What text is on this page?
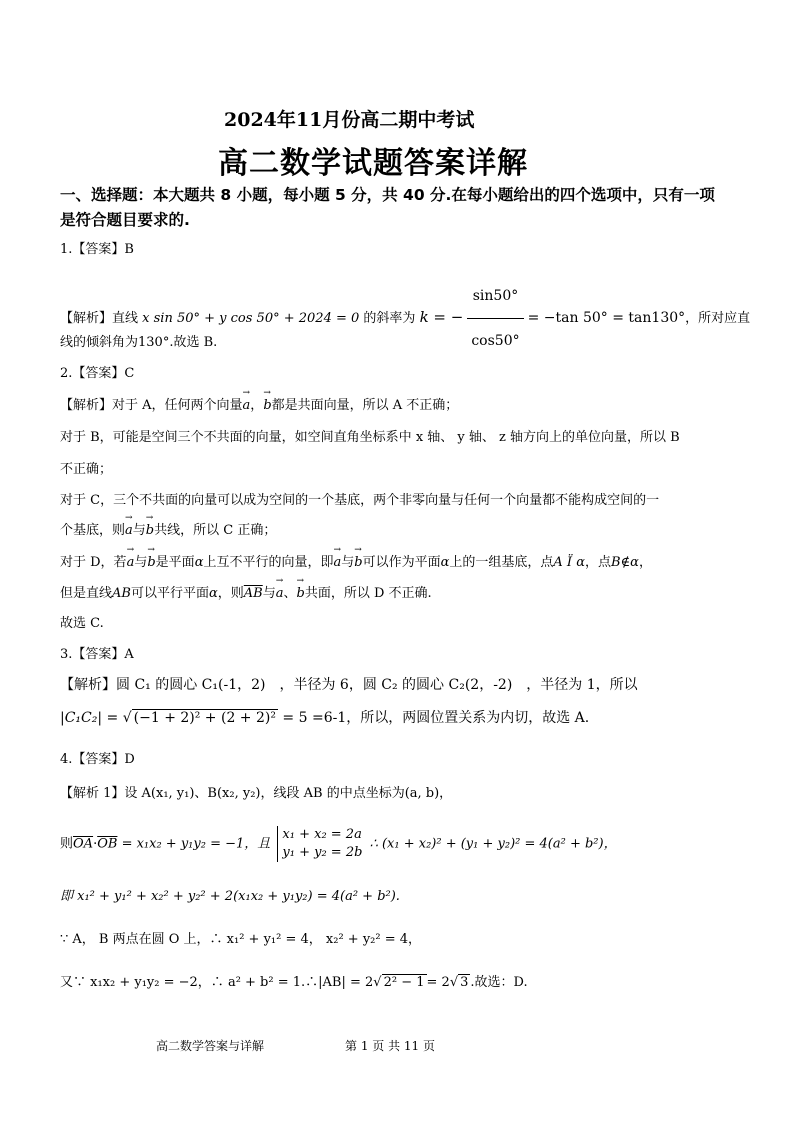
2024年11月份高二期中考试
高二数学试题答案详解
一、选择题：本大题共 8 小题，每小题 5 分，共 40 分.在每小题给出的四个选项中，只有一项
是符合题目要求的.
1.【答案】B
【解析】直线 x sin 50° + y cos 50° + 2024 = 0 的斜率为 k = − $\frac{\sin 50^\circ}{\cos 50^\circ} = -\tan$ 50° = tan130°，所对应直
线的倾斜角为130°.故选 B.
2.【答案】C
【解析】对于 A，任何两个向量→ a，→ b都是共面向量，所以 A 不正确；
对于 B，可能是空间三个不共面的向量，如空间直角坐标系中 x 轴、 y 轴、 z 轴方向上的单位向量，所以 B
不正确；
对于 C，三个不共面的向量可以成为空间的一个基底，两个非零向量与任何一个向量都不能构成空间的一
个基底，则→ a与→ b共线，所以 C 正确；
对于 D，若→ a与→ b是平面α上互不平行的向量，即→ a与→ b可以作为平面α上的一组基底，点A Ï α，点B∉α，
但是直线AB可以平行平面α，则$\overline{AB}$与→ a、→ b共面，所以 D 不正确.
故选 C.
3.【答案】A
【解析】圆 C₁ 的圆心 C₁(-1，2)　，半径为 6，圆 C₂ 的圆心 C₂(2，-2)　，半径为 1，所以
|C₁C₂| = √ (−1 + 2)² + (2 + 2)² = 5 =6-1，所以，两圆位置关系为内切，故选 A.
4.【答案】D
【解析 1】设 A(x₁, y₁)、B(x₂, y₂)，线段 AB 的中点坐标为(a, b)，
则$\overline{OA}\cdot\overline{OB} = x_1x_2 + y_1y_2 = -1$，且
x₁ + x₂ = 2a
y₁ + y₂ = 2b
∴ (x₁ + x₂)² + (y₁ + y₂)² = 4(a² + b²)，
即 x₁² + y₁² + x₂² + y₂² + 2(x₁x₂ + y₁y₂) = 4(a² + b²).
∵ A， B 两点在圆 O 上，∴ x₁² + y₁² = 4， x₂² + y₂² = 4，
又∵ x₁x₂ + y₁y₂ = −2，∴ a² + b² = 1.∴|AB| = 2√ 2² − 1 = 2√ 3 .故选：D.
高二数学答案与详解	第 1 页 共 11 页
